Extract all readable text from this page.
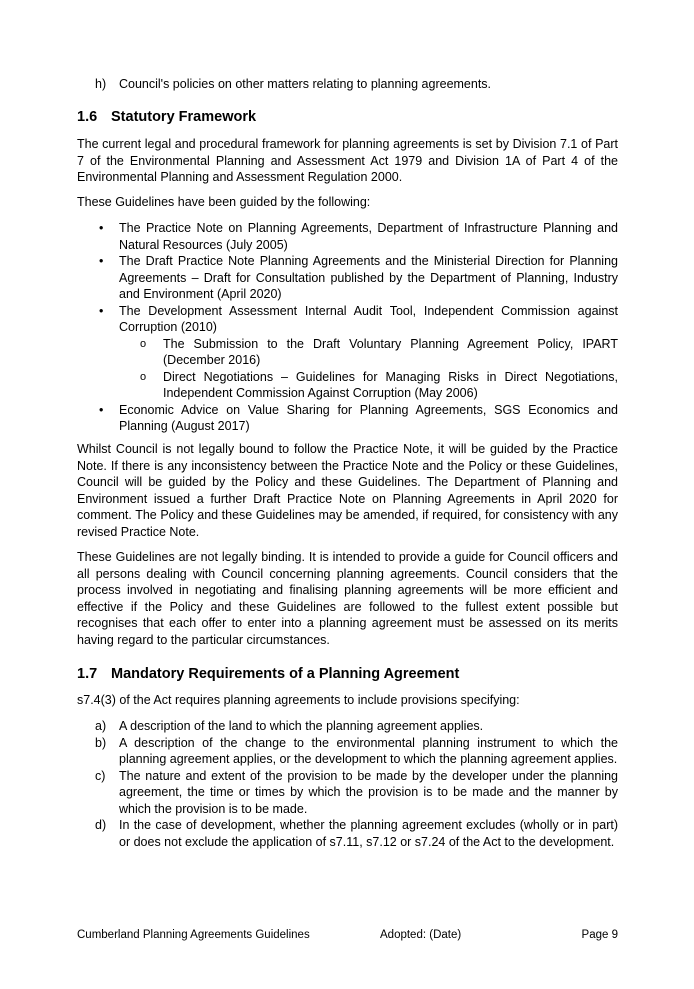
h) Council's policies on other matters relating to planning agreements.
1.6 Statutory Framework

The current legal and procedural framework for planning agreements is set by Division 7.1 of Part 7 of the Environmental Planning and Assessment Act 1979 and Division 1A of Part 4 of the Environmental Planning and Assessment Regulation 2000.

These Guidelines have been guided by the following:

• The Practice Note on Planning Agreements, Department of Infrastructure Planning and Natural Resources (July 2005)
• The Draft Practice Note Planning Agreements and the Ministerial Direction for Planning Agreements – Draft for Consultation published by the Department of Planning, Industry and Environment (April 2020)
• The Development Assessment Internal Audit Tool, Independent Commission against Corruption (2010)
o The Submission to the Draft Voluntary Planning Agreement Policy, IPART (December 2016)
o Direct Negotiations – Guidelines for Managing Risks in Direct Negotiations, Independent Commission Against Corruption (May 2006)
• Economic Advice on Value Sharing for Planning Agreements, SGS Economics and Planning (August 2017)

Whilst Council is not legally bound to follow the Practice Note, it will be guided by the Practice Note. If there is any inconsistency between the Practice Note and the Policy or these Guidelines, Council will be guided by the Policy and these Guidelines. The Department of Planning and Environment issued a further Draft Practice Note on Planning Agreements in April 2020 for comment. The Policy and these Guidelines may be amended, if required, for consistency with any revised Practice Note.

These Guidelines are not legally binding. It is intended to provide a guide for Council officers and all persons dealing with Council concerning planning agreements. Council considers that the process involved in negotiating and finalising planning agreements will be more efficient and effective if the Policy and these Guidelines are followed to the fullest extent possible but recognises that each offer to enter into a planning agreement must be assessed on its merits having regard to the particular circumstances.

1.7 Mandatory Requirements of a Planning Agreement

s7.4(3) of the Act requires planning agreements to include provisions specifying:

a) A description of the land to which the planning agreement applies.
b) A description of the change to the environmental planning instrument to which the planning agreement applies, or the development to which the planning agreement applies.
c) The nature and extent of the provision to be made by the developer under the planning agreement, the time or times by which the provision is to be made and the manner by which the provision is to be made.
d) In the case of development, whether the planning agreement excludes (wholly or in part) or does not exclude the application of s7.11, s7.12 or s7.24 of the Act to the development.
Cumberland Planning Agreements Guidelines	Adopted: (Date)	Page 9
